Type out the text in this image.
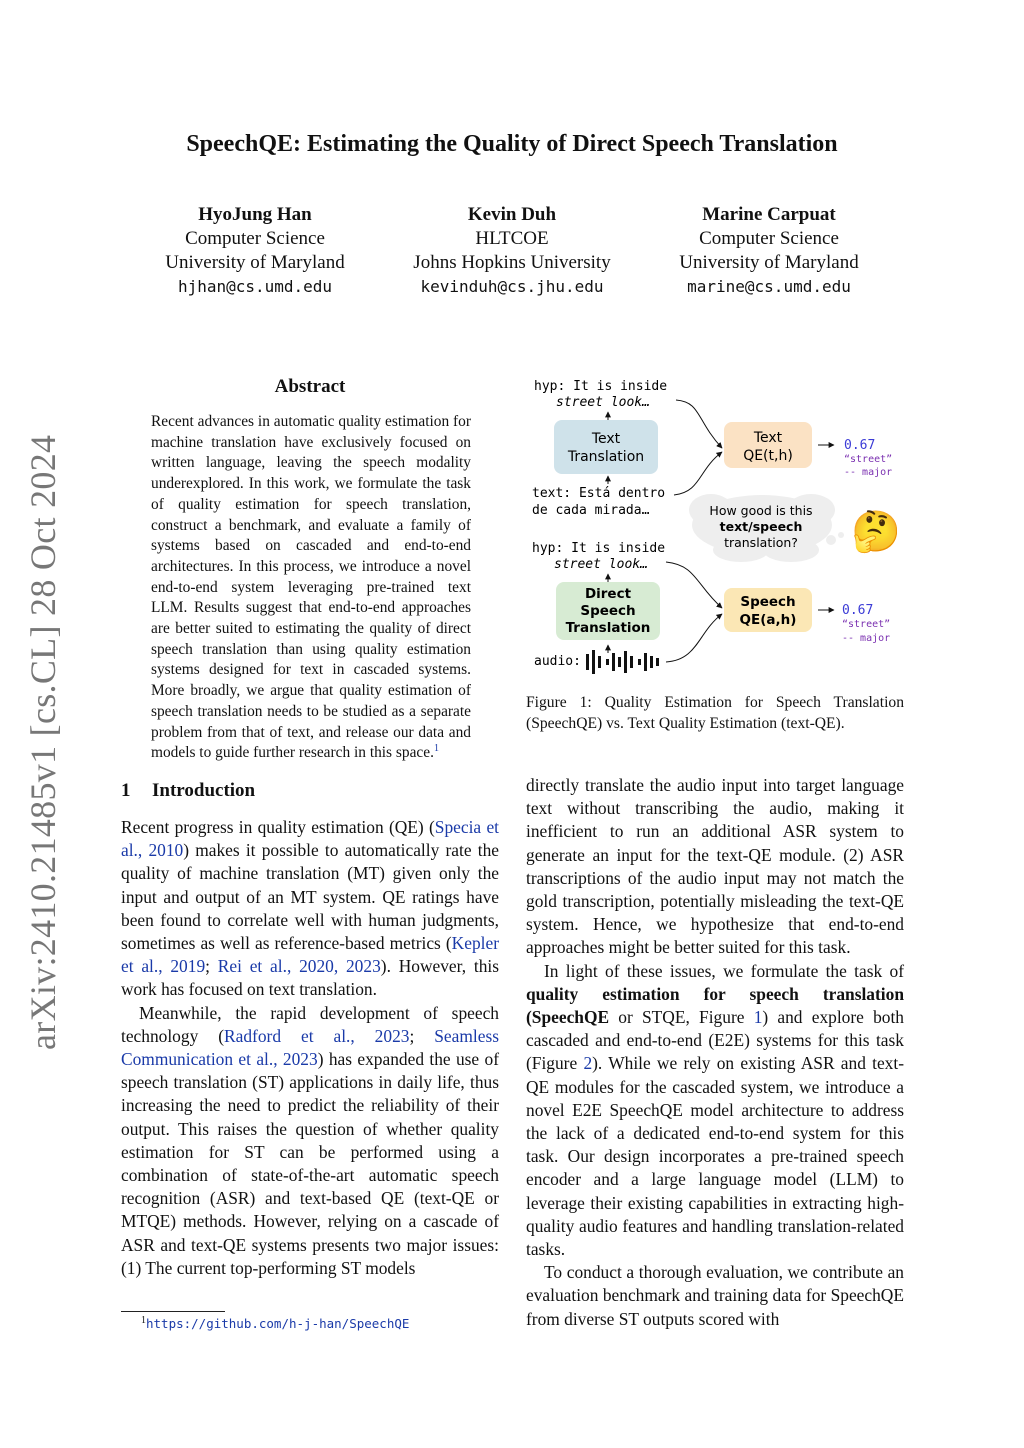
arXiv:2410.21485v1 [cs.CL] 28 Oct 2024
SpeechQE: Estimating the Quality of Direct Speech Translation
HyoJung Han
Computer Science
University of Maryland
hjhan@cs.umd.edu
Kevin Duh
HLTCOE
Johns Hopkins University
kevinduh@cs.jhu.edu
Marine Carpuat
Computer Science
University of Maryland
marine@cs.umd.edu
Abstract
Recent advances in automatic quality estimation for machine translation have exclusively focused on written language, leaving the speech modality underexplored. In this work, we formulate the task of quality estimation for speech translation, construct a benchmark, and evaluate a family of systems based on cascaded and end-to-end architectures. In this process, we introduce a novel end-to-end system leveraging pre-trained text LLM. Results suggest that end-to-end approaches are better suited to estimating the quality of direct speech translation than using quality estimation systems designed for text in cascaded systems. More broadly, we argue that quality estimation of speech translation needs to be studied as a separate problem from that of text, and release our data and models to guide further research in this space.$^1$
1 Introduction

Recent progress in quality estimation (QE) (Specia et al., 2010) makes it possible to automatically rate the quality of machine translation (MT) given only the input and output of an MT system. QE ratings have been found to correlate well with human judgments, sometimes as well as reference-based metrics (Kepler et al., 2019; Rei et al., 2020, 2023). However, this work has focused on text translation.

Meanwhile, the rapid development of speech technology (Radford et al., 2023; Seamless Communication et al., 2023) has expanded the use of speech translation (ST) applications in daily life, thus increasing the need to predict the reliability of their output. This raises the question of whether quality estimation for ST can be performed using a combination of state-of-the-art automatic speech recognition (ASR) and text-based QE (text-QE or MTQE) methods. However, relying on a cascade of ASR and text-QE systems presents two major issues: (1) The current top-performing ST models

$^1$https://github.com/h-j-han/SpeechQE
hyp: It is inside
street look…
Text
Translation
text: Está dentro
de cada mirada…
Text
QE(t,h)
0.67
“street”
-- major
How good is this
text/speech
translation? 🤔
hyp: It is inside
street look…
Direct
Speech
Translation
audio:
Speech
QE(a,h)
0.67
“street”
-- major
Figure 1: Quality Estimation for Speech Translation (SpeechQE) vs. Text Quality Estimation (text-QE).

directly translate the audio input into target language text without transcribing the audio, making it inefficient to run an additional ASR system to generate an input for the text-QE module. (2) ASR transcriptions of the audio input may not match the gold transcription, potentially misleading the text-QE system. Hence, we hypothesize that end-to-end approaches might be better suited for this task.

In light of these issues, we formulate the task of quality estimation for speech translation (SpeechQE or STQE, Figure 1) and explore both cascaded and end-to-end (E2E) systems for this task (Figure 2). While we rely on existing ASR and text-QE modules for the cascaded system, we introduce a novel E2E SpeechQE model architecture to address the lack of a dedicated end-to-end system for this task. Our design incorporates a pre-trained speech encoder and a large language model (LLM) to leverage their existing capabilities in extracting high-quality audio features and handling translation-related tasks.

To conduct a thorough evaluation, we contribute an evaluation benchmark and training data for SpeechQE from diverse ST outputs scored with
